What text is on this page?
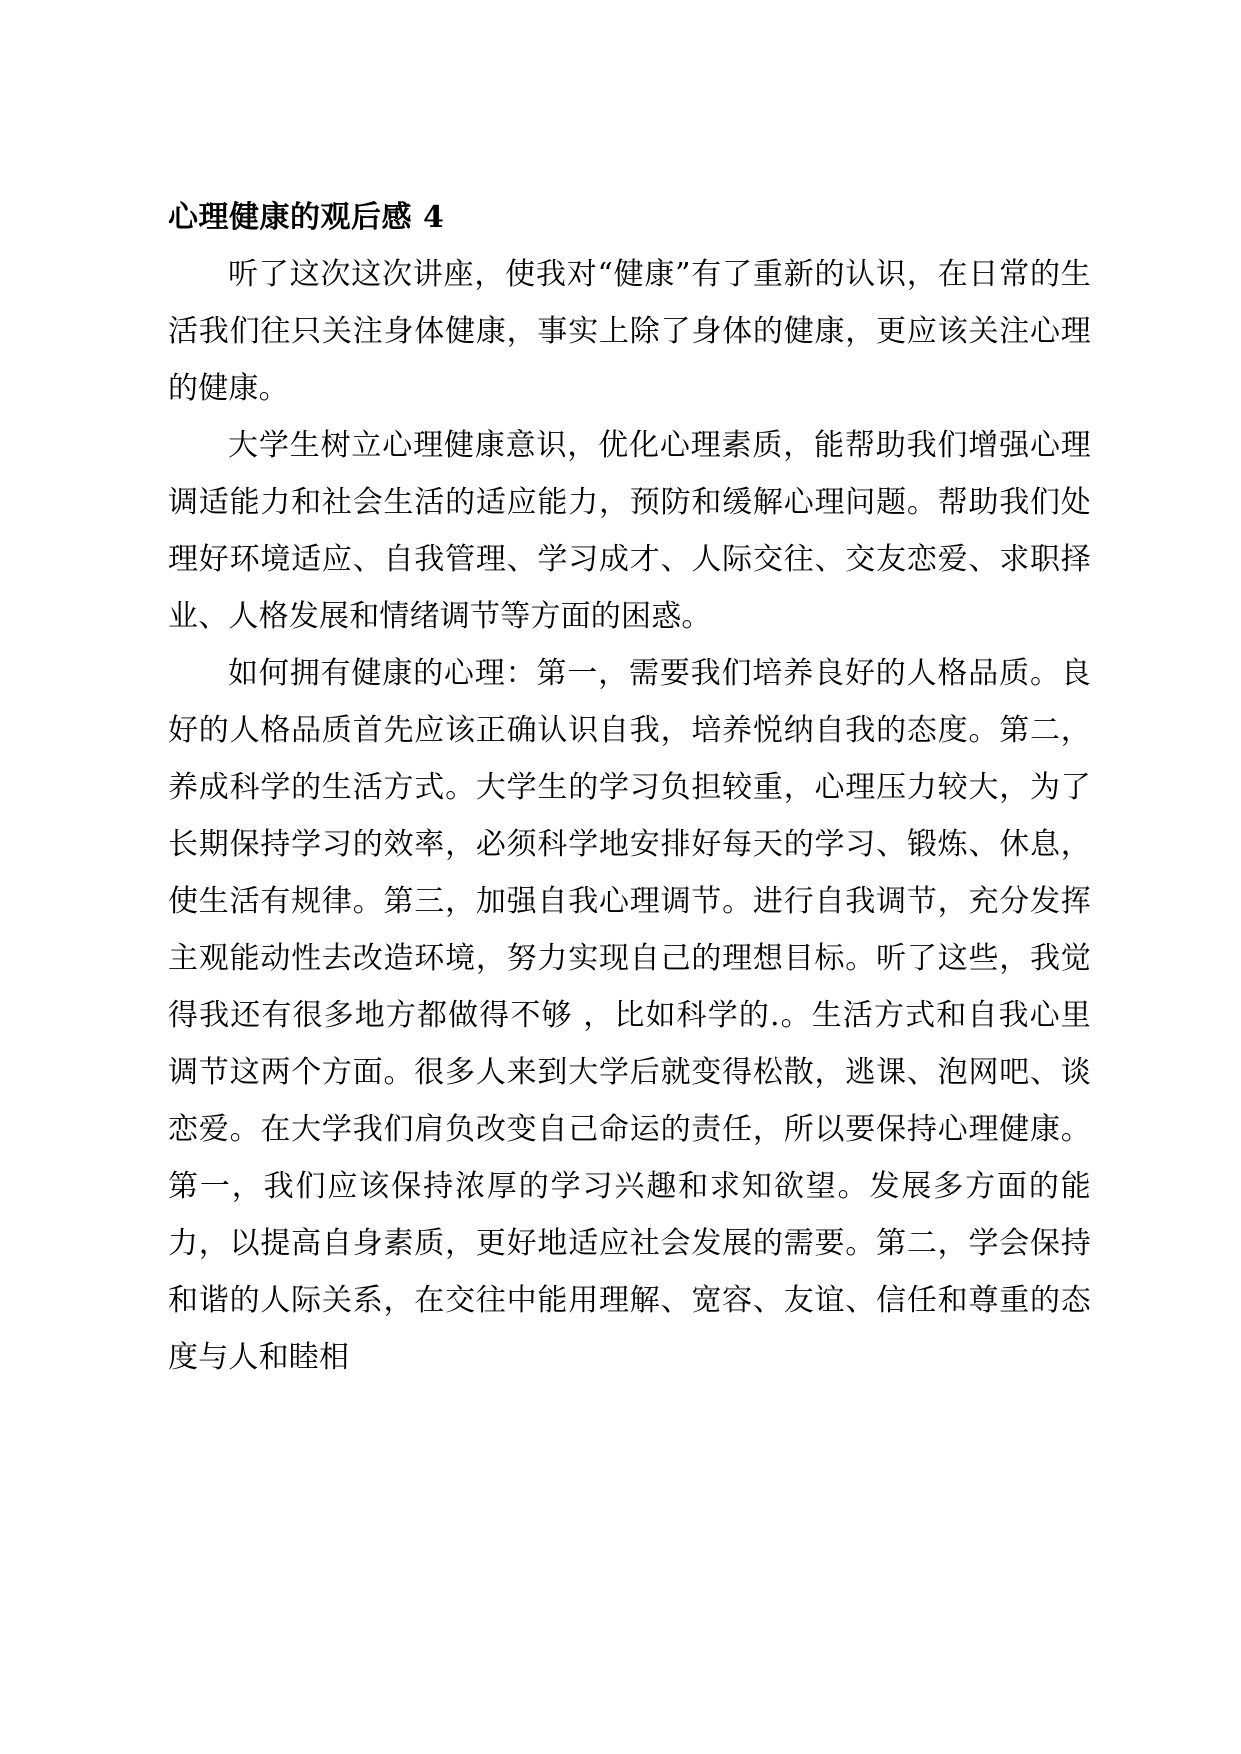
心理健康的观后感 4

听了这次这次讲座，使我对“健康”有了重新的认识，在日常的生活我们往只关注身体健康，事实上除了身体的健康，更应该关注心理的健康。

大学生树立心理健康意识，优化心理素质，能帮助我们增强心理调适能力和社会生活的适应能力，预防和缓解心理问题。帮助我们处理好环境适应、自我管理、学习成才、人际交往、交友恋爱、求职择业、人格发展和情绪调节等方面的困惑。

如何拥有健康的心理：第一，需要我们培养良好的人格品质。良好的人格品质首先应该正确认识自我，培养悦纳自我的态度。第二，养成科学的生活方式。大学生的学习负担较重，心理压力较大，为了长期保持学习的效率，必须科学地安排好每天的学习、锻炼、休息，使生活有规律。第三，加强自我心理调节。进行自我调节，充分发挥主观能动性去改造环境，努力实现自己的理想目标。听了这些，我觉得我还有很多地方都做得不够 ，比如科学的.。生活方式和自我心里调节这两个方面。很多人来到大学后就变得松散，逃课、泡网吧、谈恋爱。在大学我们肩负改变自己命运的责任，所以要保持心理健康。第一，我们应该保持浓厚的学习兴趣和求知欲望。发展多方面的能力，以提高自身素质，更好地适应社会发展的需要。第二，学会保持和谐的人际关系，在交往中能用理解、宽容、友谊、信任和尊重的态度与人和睦相
